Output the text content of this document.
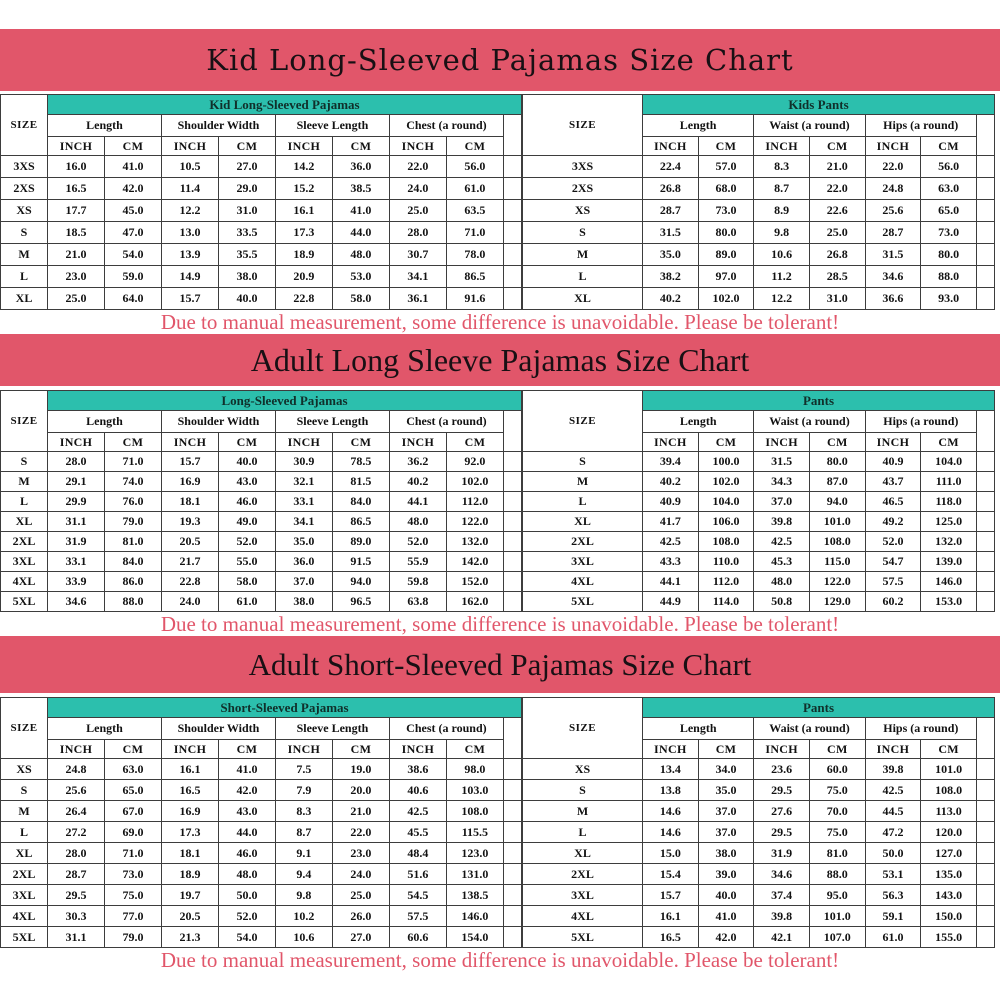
Kid Long-Sleeved Pajamas Size Chart
SIZE	Kid Long-Sleeved Pajamas								
	Length		Shoulder Width		Sleeve Length		Chest (a round)		
	INCH	CM	INCH	CM	INCH	CM	INCH	CM	
3XS	16.0	41.0	10.5	27.0	14.2	36.0	22.0	56.0	
2XS	16.5	42.0	11.4	29.0	15.2	38.5	24.0	61.0	
XS	17.7	45.0	12.2	31.0	16.1	41.0	25.0	63.5	
S	18.5	47.0	13.0	33.5	17.3	44.0	28.0	71.0	
M	21.0	54.0	13.9	35.5	18.9	48.0	30.7	78.0	
L	23.0	59.0	14.9	38.0	20.9	53.0	34.1	86.5	
XL	25.0	64.0	15.7	40.0	22.8	58.0	36.1	91.6	
SIZE	Kids Pants						
	Length		Waist (a round)		Hips (a round)		
	INCH	CM	INCH	CM	INCH	CM	
3XS	22.4	57.0	8.3	21.0	22.0	56.0	
2XS	26.8	68.0	8.7	22.0	24.8	63.0	
XS	28.7	73.0	8.9	22.6	25.6	65.0	
S	31.5	80.0	9.8	25.0	28.7	73.0	
M	35.0	89.0	10.6	26.8	31.5	80.0	
L	38.2	97.0	11.2	28.5	34.6	88.0	
XL	40.2	102.0	12.2	31.0	36.6	93.0	
Due to manual measurement, some difference is unavoidable. Please be tolerant!
Adult Long Sleeve Pajamas Size Chart
SIZE	Long-Sleeved Pajamas								
	Length		Shoulder Width		Sleeve Length		Chest (a round)		
	INCH	CM	INCH	CM	INCH	CM	INCH	CM	
S	28.0	71.0	15.7	40.0	30.9	78.5	36.2	92.0	
M	29.1	74.0	16.9	43.0	32.1	81.5	40.2	102.0	
L	29.9	76.0	18.1	46.0	33.1	84.0	44.1	112.0	
XL	31.1	79.0	19.3	49.0	34.1	86.5	48.0	122.0	
2XL	31.9	81.0	20.5	52.0	35.0	89.0	52.0	132.0	
3XL	33.1	84.0	21.7	55.0	36.0	91.5	55.9	142.0	
4XL	33.9	86.0	22.8	58.0	37.0	94.0	59.8	152.0	
5XL	34.6	88.0	24.0	61.0	38.0	96.5	63.8	162.0	
SIZE	Pants						
	Length		Waist (a round)		Hips (a round)		
	INCH	CM	INCH	CM	INCH	CM	
S	39.4	100.0	31.5	80.0	40.9	104.0	
M	40.2	102.0	34.3	87.0	43.7	111.0	
L	40.9	104.0	37.0	94.0	46.5	118.0	
XL	41.7	106.0	39.8	101.0	49.2	125.0	
2XL	42.5	108.0	42.5	108.0	52.0	132.0	
3XL	43.3	110.0	45.3	115.0	54.7	139.0	
4XL	44.1	112.0	48.0	122.0	57.5	146.0	
5XL	44.9	114.0	50.8	129.0	60.2	153.0	
Due to manual measurement, some difference is unavoidable. Please be tolerant!
Adult Short-Sleeved Pajamas Size Chart
SIZE	Short-Sleeved Pajamas								
	Length		Shoulder Width		Sleeve Length		Chest (a round)		
	INCH	CM	INCH	CM	INCH	CM	INCH	CM	
XS	24.8	63.0	16.1	41.0	7.5	19.0	38.6	98.0	
S	25.6	65.0	16.5	42.0	7.9	20.0	40.6	103.0	
M	26.4	67.0	16.9	43.0	8.3	21.0	42.5	108.0	
L	27.2	69.0	17.3	44.0	8.7	22.0	45.5	115.5	
XL	28.0	71.0	18.1	46.0	9.1	23.0	48.4	123.0	
2XL	28.7	73.0	18.9	48.0	9.4	24.0	51.6	131.0	
3XL	29.5	75.0	19.7	50.0	9.8	25.0	54.5	138.5	
4XL	30.3	77.0	20.5	52.0	10.2	26.0	57.5	146.0	
5XL	31.1	79.0	21.3	54.0	10.6	27.0	60.6	154.0	
SIZE	Pants						
	Length		Waist (a round)		Hips (a round)		
	INCH	CM	INCH	CM	INCH	CM	
XS	13.4	34.0	23.6	60.0	39.8	101.0	
S	13.8	35.0	29.5	75.0	42.5	108.0	
M	14.6	37.0	27.6	70.0	44.5	113.0	
L	14.6	37.0	29.5	75.0	47.2	120.0	
XL	15.0	38.0	31.9	81.0	50.0	127.0	
2XL	15.4	39.0	34.6	88.0	53.1	135.0	
3XL	15.7	40.0	37.4	95.0	56.3	143.0	
4XL	16.1	41.0	39.8	101.0	59.1	150.0	
5XL	16.5	42.0	42.1	107.0	61.0	155.0	
Due to manual measurement, some difference is unavoidable. Please be tolerant!
